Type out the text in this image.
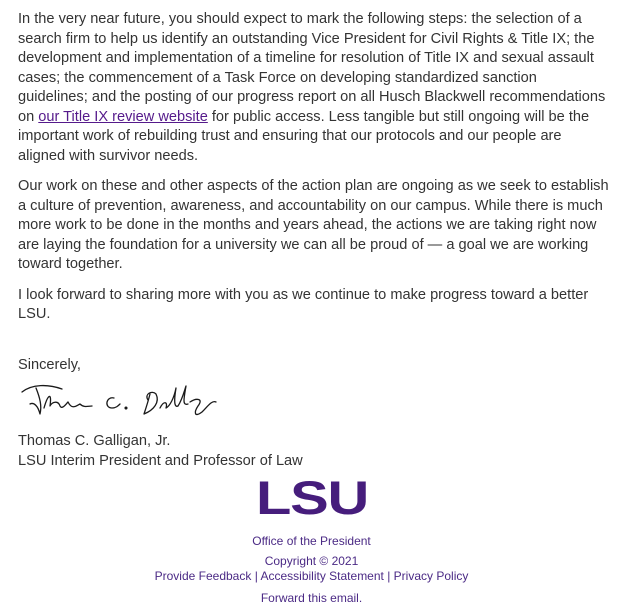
In the very near future, you should expect to mark the following steps: the selection of a search firm to help us identify an outstanding Vice President for Civil Rights & Title IX; the development and implementation of a timeline for resolution of Title IX and sexual assault cases; the commencement of a Task Force on developing standardized sanction guidelines; and the posting of our progress report on all Husch Blackwell recommendations on our Title IX review website for public access. Less tangible but still ongoing will be the important work of rebuilding trust and ensuring that our protocols and our people are aligned with survivor needs.

Our work on these and other aspects of the action plan are ongoing as we seek to establish a culture of prevention, awareness, and accountability on our campus. While there is much more work to be done in the months and years ahead, the actions we are taking right now are laying the foundation for a university we can all be proud of — a goal we are working toward together.

I look forward to sharing more with you as we continue to make progress toward a better LSU.

Sincerely,
Thomas C. Galligan, Jr.
LSU Interim President and Professor of Law
LSU
Office of the President
Copyright © 2021
Provide Feedback | Accessibility Statement | Privacy Policy
Forward this email.
